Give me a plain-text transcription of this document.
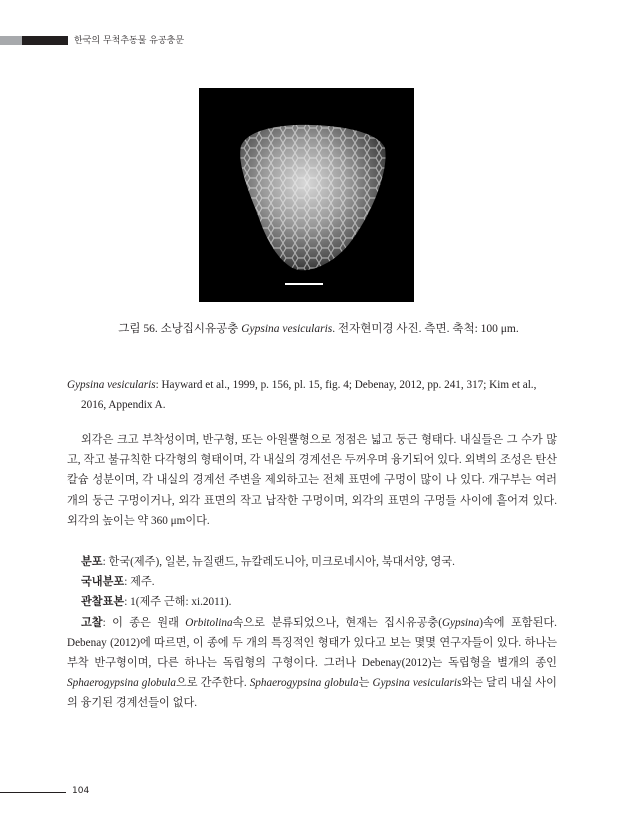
한국의 무척추동물 유공충문
그림 56. 소낭집시유공충 Gypsina vesicularis. 전자현미경 사진. 측면. 축척: 100 μm.
Gypsina vesicularis: Hayward et al., 1999, p. 156, pl. 15, fig. 4; Debenay, 2012, pp. 241, 317; Kim et al.,
2016, Appendix A.
외각은 크고 부착성이며, 반구형, 또는 아원뿔형으로 정점은 넓고 둥근 형태다. 내실들은 그 수가 많고, 작고 불규칙한 다각형의 형태이며, 각 내실의 경계선은 두꺼우며 융기되어 있다. 외벽의 조성은 탄산칼슘 성분이며, 각 내실의 경계선 주변을 제외하고는 전체 표면에 구멍이 많이 나 있다. 개구부는 여러 개의 둥근 구멍이거나, 외각 표면의 작고 납작한 구멍이며, 외각의 표면의 구멍들 사이에 흩어져 있다. 외각의 높이는 약 360 μm이다.
분포: 한국(제주), 일본, 뉴질랜드, 뉴칼레도니아, 미크로네시아, 북대서양, 영국.
국내분포: 제주.
관찰표본: 1(제주 근해: xi.2011).
고찰: 이 종은 원래 Orbitolina속으로 분류되었으나, 현재는 집시유공충(Gypsina)속에 포함된다. Debenay (2012)에 따르면, 이 종에 두 개의 특징적인 형태가 있다고 보는 몇몇 연구자들이 있다. 하나는 부착 반구형이며, 다른 하나는 독립형의 구형이다. 그러나 Debenay(2012)는 독립형을 별개의 종인 Sphaerogypsina globula으로 간주한다. Sphaerogypsina globula는 Gypsina vesicularis와는 달리 내실 사이의 융기된 경계선들이 없다.
104
